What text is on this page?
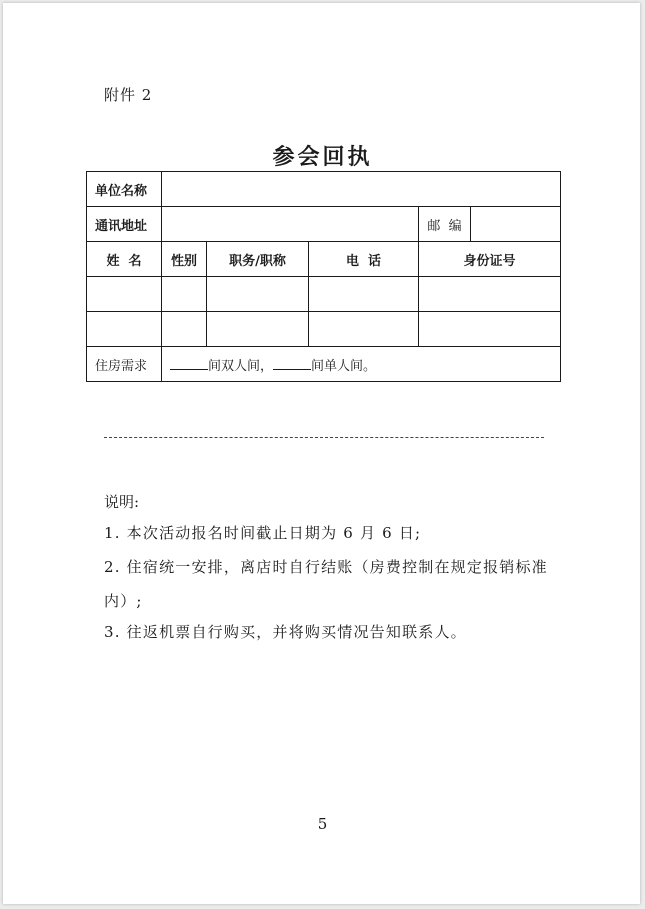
附件 2
参会回执
单位名称					
通讯地址				邮  编	
姓  名	性别	职务/职称	电  话	身份证号	

住房需求	间双人间， 间单人间。				
说明:
1. 本次活动报名时间截止日期为 6 月 6 日;
2. 住宿统一安排，离店时自行结账（房费控制在规定报销标准内）;
3. 往返机票自行购买，并将购买情况告知联系人。
5
